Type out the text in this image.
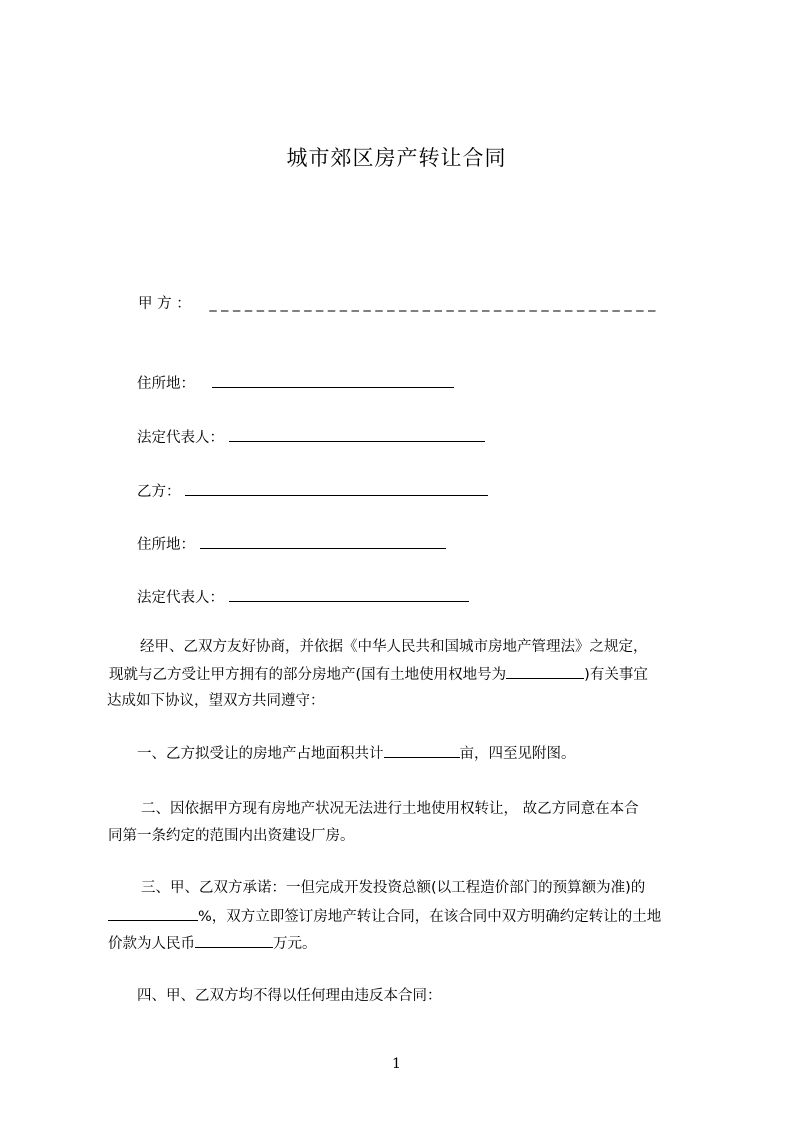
城市郊区房产转让合同
甲 方 ： _ _ _ _ _ _ _ _ _ _ _ _ _ _ _ _ _ _ _ _ _ _ _ _ _ _ _ _ _ _ _ _ _ _ _ _ _ _
住所地：
法定代表人：
乙方：
住所地：
法定代表人：
经甲、乙双方友好协商，并依据《中华人民共和国城市房地产管理法》之规定，
现就与乙方受让甲方拥有的部分房地产(国有土地使用权地号为	)有关事宜
达成如下协议，望双方共同遵守：
一、乙方拟受让的房地产占地面积共计	亩，四至见附图。
二、因依据甲方现有房地产状况无法进行土地使用权转让， 故乙方同意在本合
同第一条约定的范围内出资建设厂房。
三、甲、乙双方承诺：一但完成开发投资总额(以工程造价部门的预算额为准)的
%，双方立即签订房地产转让合同，在该合同中双方明确约定转让的土地
价款为人民币	万元。
四、甲、乙双方均不得以任何理由违反本合同：
1
